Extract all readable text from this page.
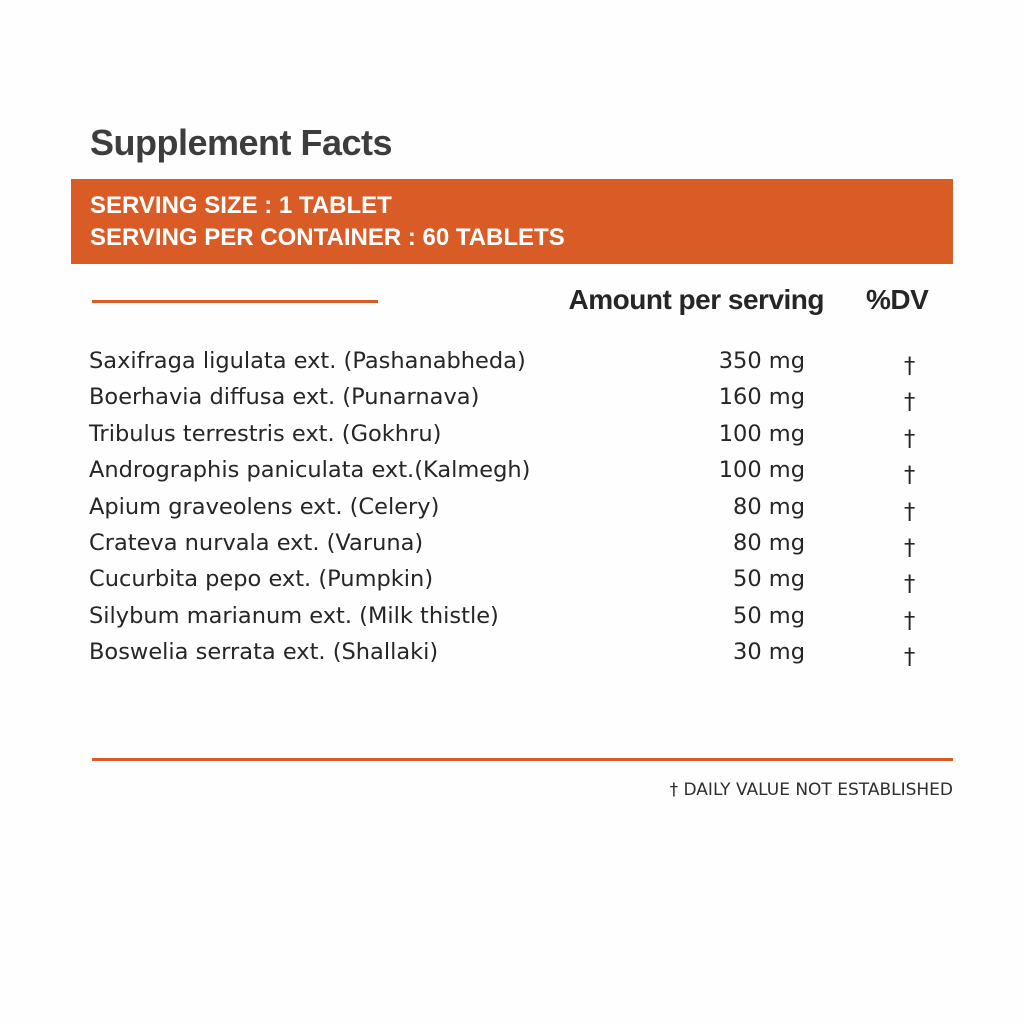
Supplement Facts
SERVING SIZE : 1 TABLET
SERVING PER CONTAINER : 60 TABLETS
Amount per serving %DV
Saxifraga ligulata ext. (Pashanabheda)	350 mg	†
Boerhavia diffusa ext. (Punarnava)	160 mg	†
Tribulus terrestris ext. (Gokhru)	100 mg	†
Andrographis paniculata ext.(Kalmegh)	100 mg	†
Apium graveolens ext. (Celery)	80 mg	†
Crateva nurvala ext. (Varuna)	80 mg	†
Cucurbita pepo ext. (Pumpkin)	50 mg	†
Silybum marianum ext. (Milk thistle)	50 mg	†
Boswelia serrata ext. (Shallaki)	30 mg	†
† DAILY VALUE NOT ESTABLISHED
